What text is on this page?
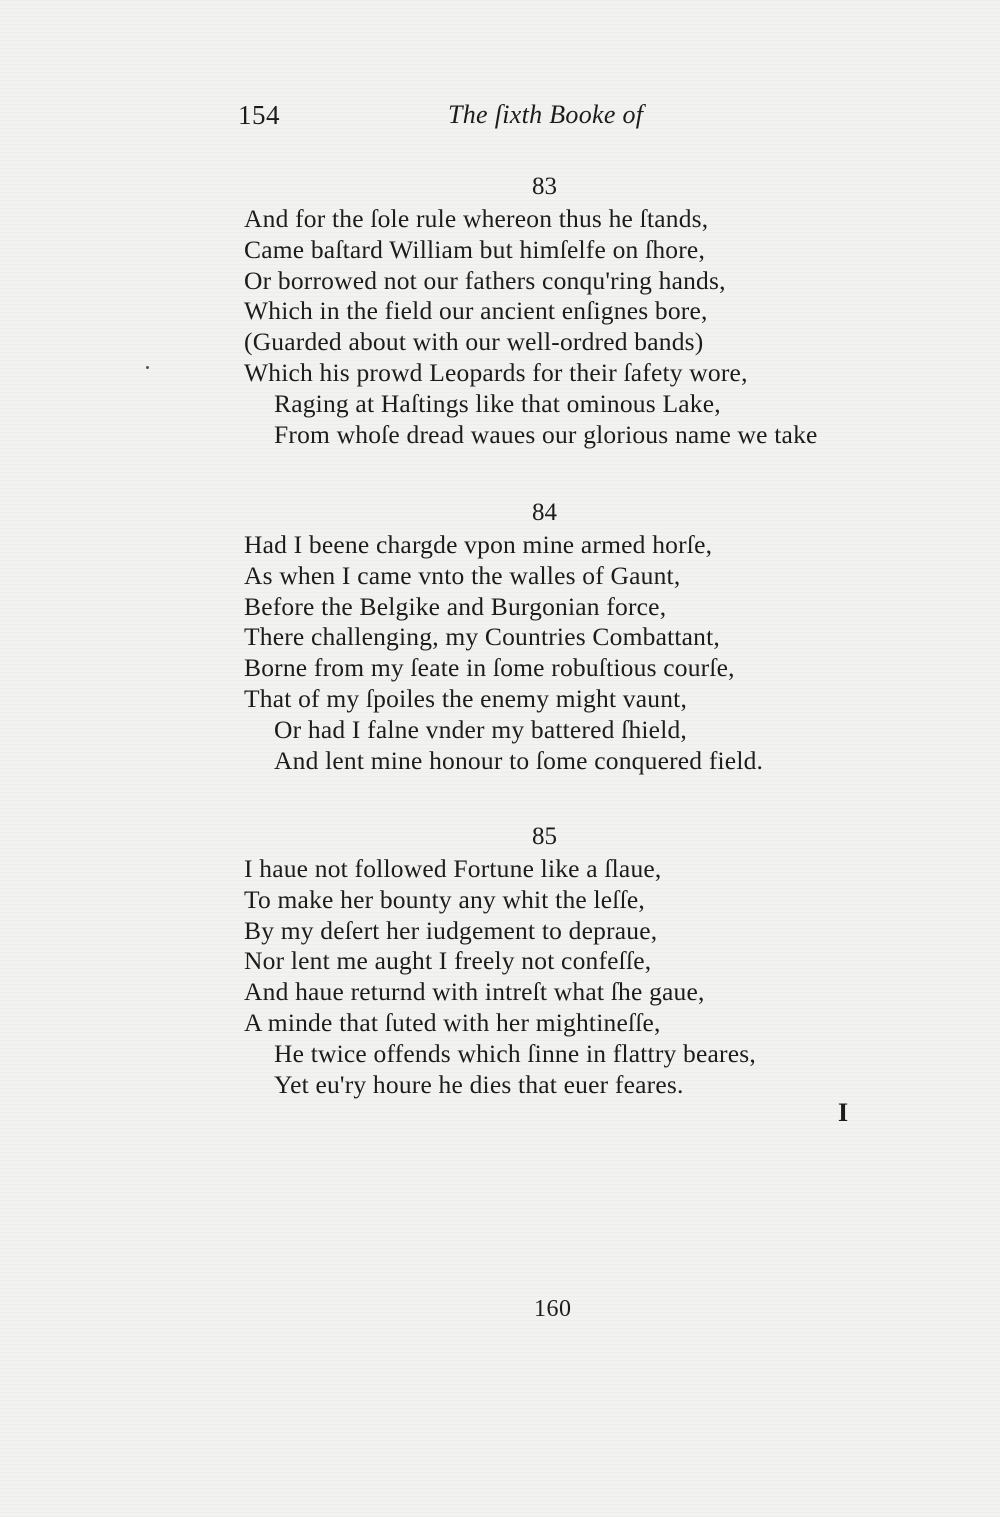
154	The ſixth Booke of
83
And for the ſole rule whereon thus he ſtands,
Came baſtard William but himſelfe on ſhore,
Or borrowed not our fathers conqu'ring hands,
Which in the field our ancient enſignes bore,
(Guarded about with our well-ordred bands)
Which his prowd Leopards for their ſafety wore,
Raging at Haſtings like that ominous Lake,
From whoſe dread waues our glorious name we take
84
Had I beene chargde vpon mine armed horſe,
As when I came vnto the walles of Gaunt,
Before the Belgike and Burgonian force,
There challenging, my Countries Combattant,
Borne from my ſeate in ſome robuſtious courſe,
That of my ſpoiles the enemy might vaunt,
Or had I falne vnder my battered ſhield,
And lent mine honour to ſome conquered field.
85
I haue not followed Fortune like a ſlaue,
To make her bounty any whit the leſſe,
By my deſert her iudgement to depraue,
Nor lent me aught I freely not confeſſe,
And haue returnd with intreſt what ſhe gaue,
A minde that ſuted with her mightineſſe,
He twice offends which ſinne in flattry beares,
Yet eu'ry houre he dies that euer feares.
I
160
